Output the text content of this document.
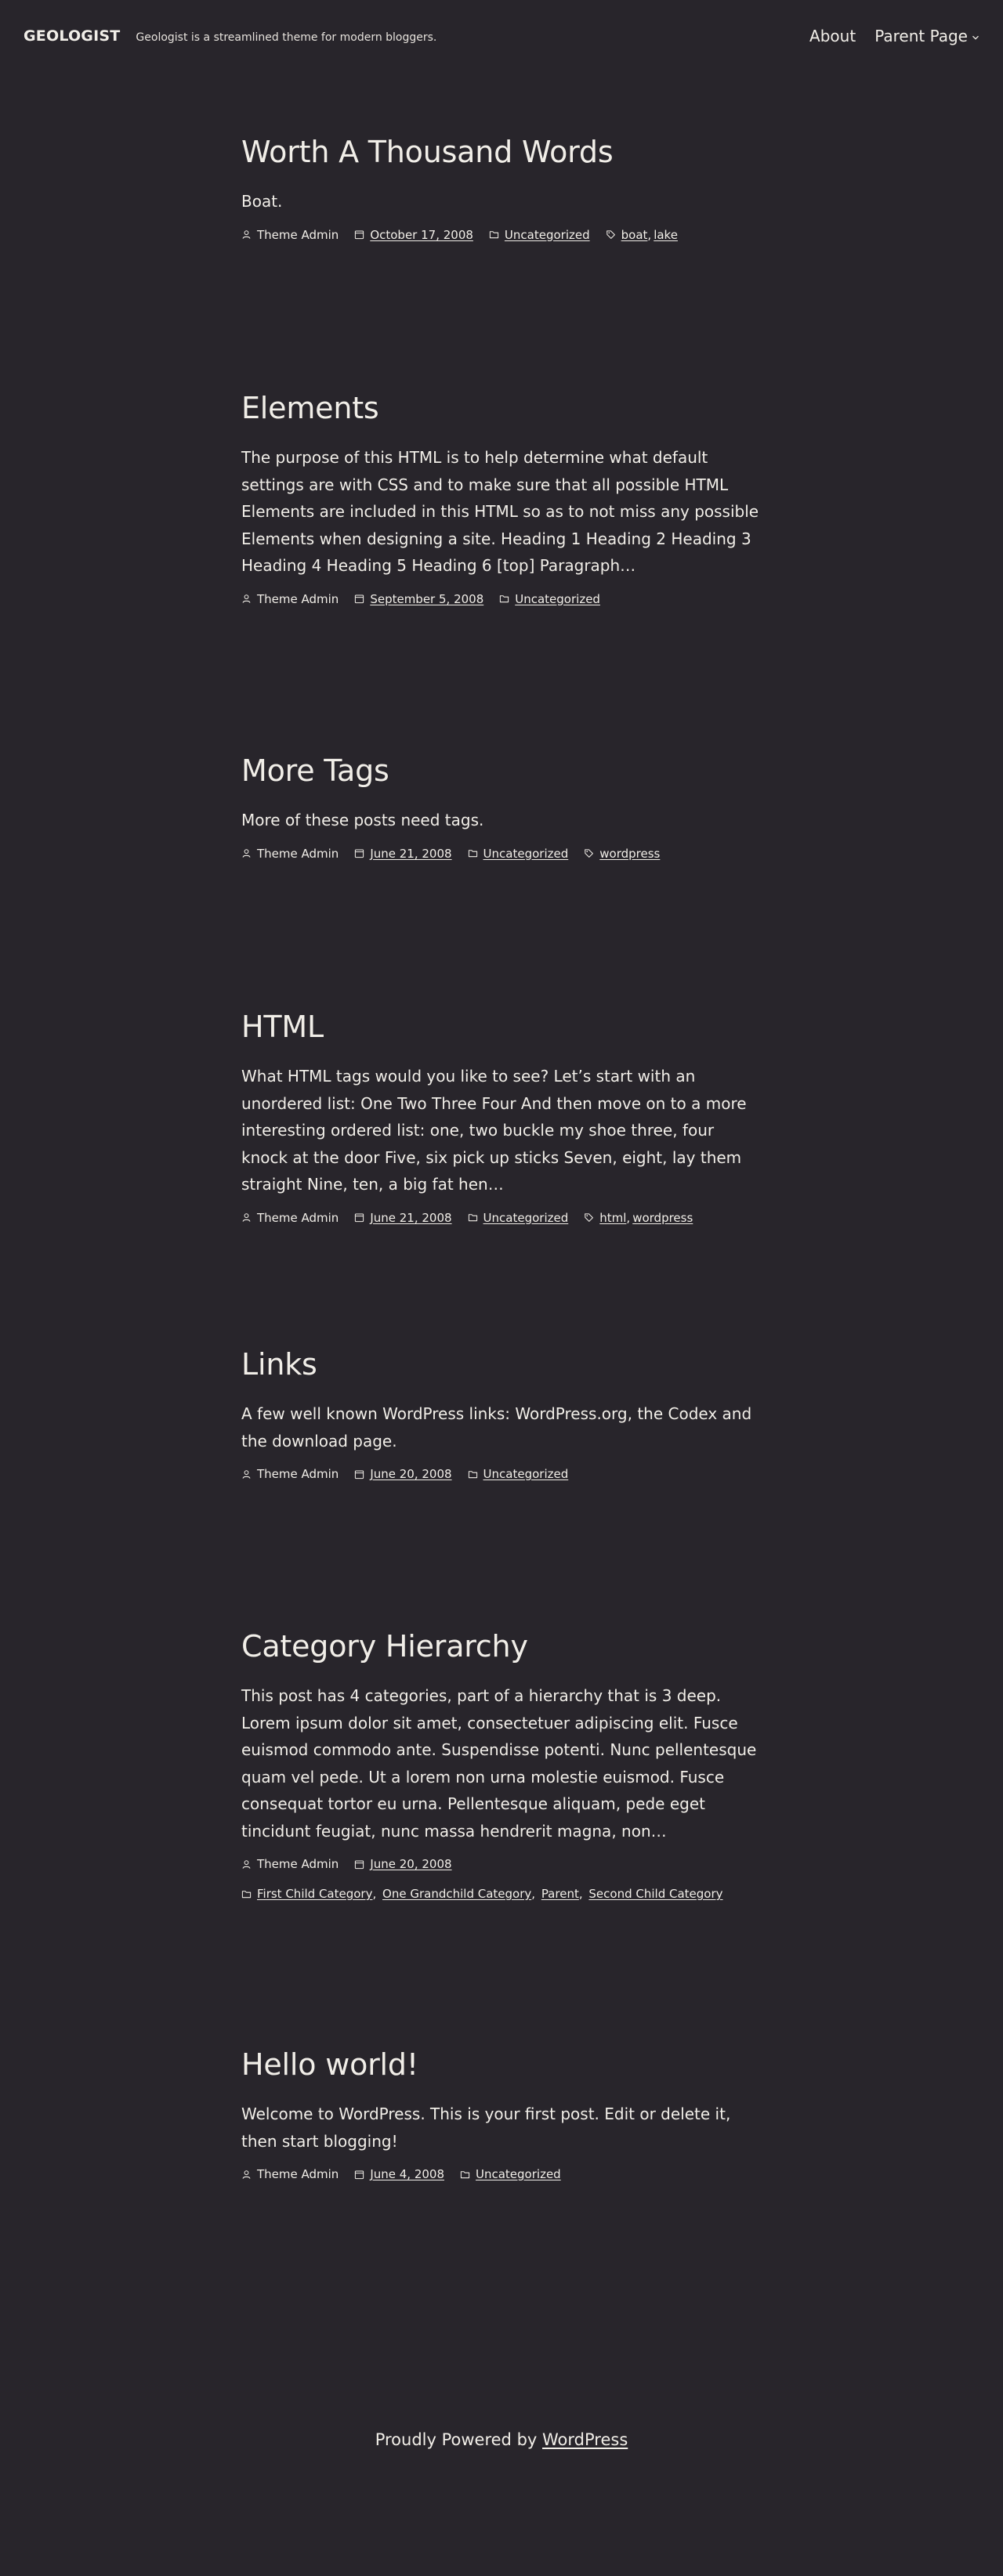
GEOLOGIST Geologist is a streamlined theme for modern bloggers.	About Parent Page
Worth A Thousand Words

Boat.

Theme Admin	October 17, 2008	Uncategorized	boat, lake
Elements

The purpose of this HTML is to help determine what default settings are with CSS and to make sure that all possible HTML Elements are included in this HTML so as to not miss any possible Elements when designing a site. Heading 1 Heading 2 Heading 3 Heading 4 Heading 5 Heading 6 [top] Paragraph…

Theme Admin	September 5, 2008	Uncategorized
More Tags

More of these posts need tags.

Theme Admin	June 21, 2008	Uncategorized	wordpress
HTML

What HTML tags would you like to see? Let’s start with an unordered list: One Two Three Four And then move on to a more interesting ordered list: one, two buckle my shoe three, four knock at the door Five, six pick up sticks Seven, eight, lay them straight Nine, ten, a big fat hen…

Theme Admin	June 21, 2008	Uncategorized	html, wordpress
Links

A few well known WordPress links: WordPress.org, the Codex and the download page.

Theme Admin	June 20, 2008	Uncategorized
Category Hierarchy

This post has 4 categories, part of a hierarchy that is 3 deep. Lorem ipsum dolor sit amet, consectetuer adipiscing elit. Fusce euismod commodo ante. Suspendisse potenti. Nunc pellentesque quam vel pede. Ut a lorem non urna molestie euismod. Fusce consequat tortor eu urna. Pellentesque aliquam, pede eget tincidunt feugiat, nunc massa hendrerit magna, non…

Theme Admin	June 20, 2008
First Child Category, One Grandchild Category, Parent, Second Child Category
Hello world!

Welcome to WordPress. This is your first post. Edit or delete it, then start blogging!

Theme Admin	June 4, 2008	Uncategorized
Proudly Powered by WordPress
